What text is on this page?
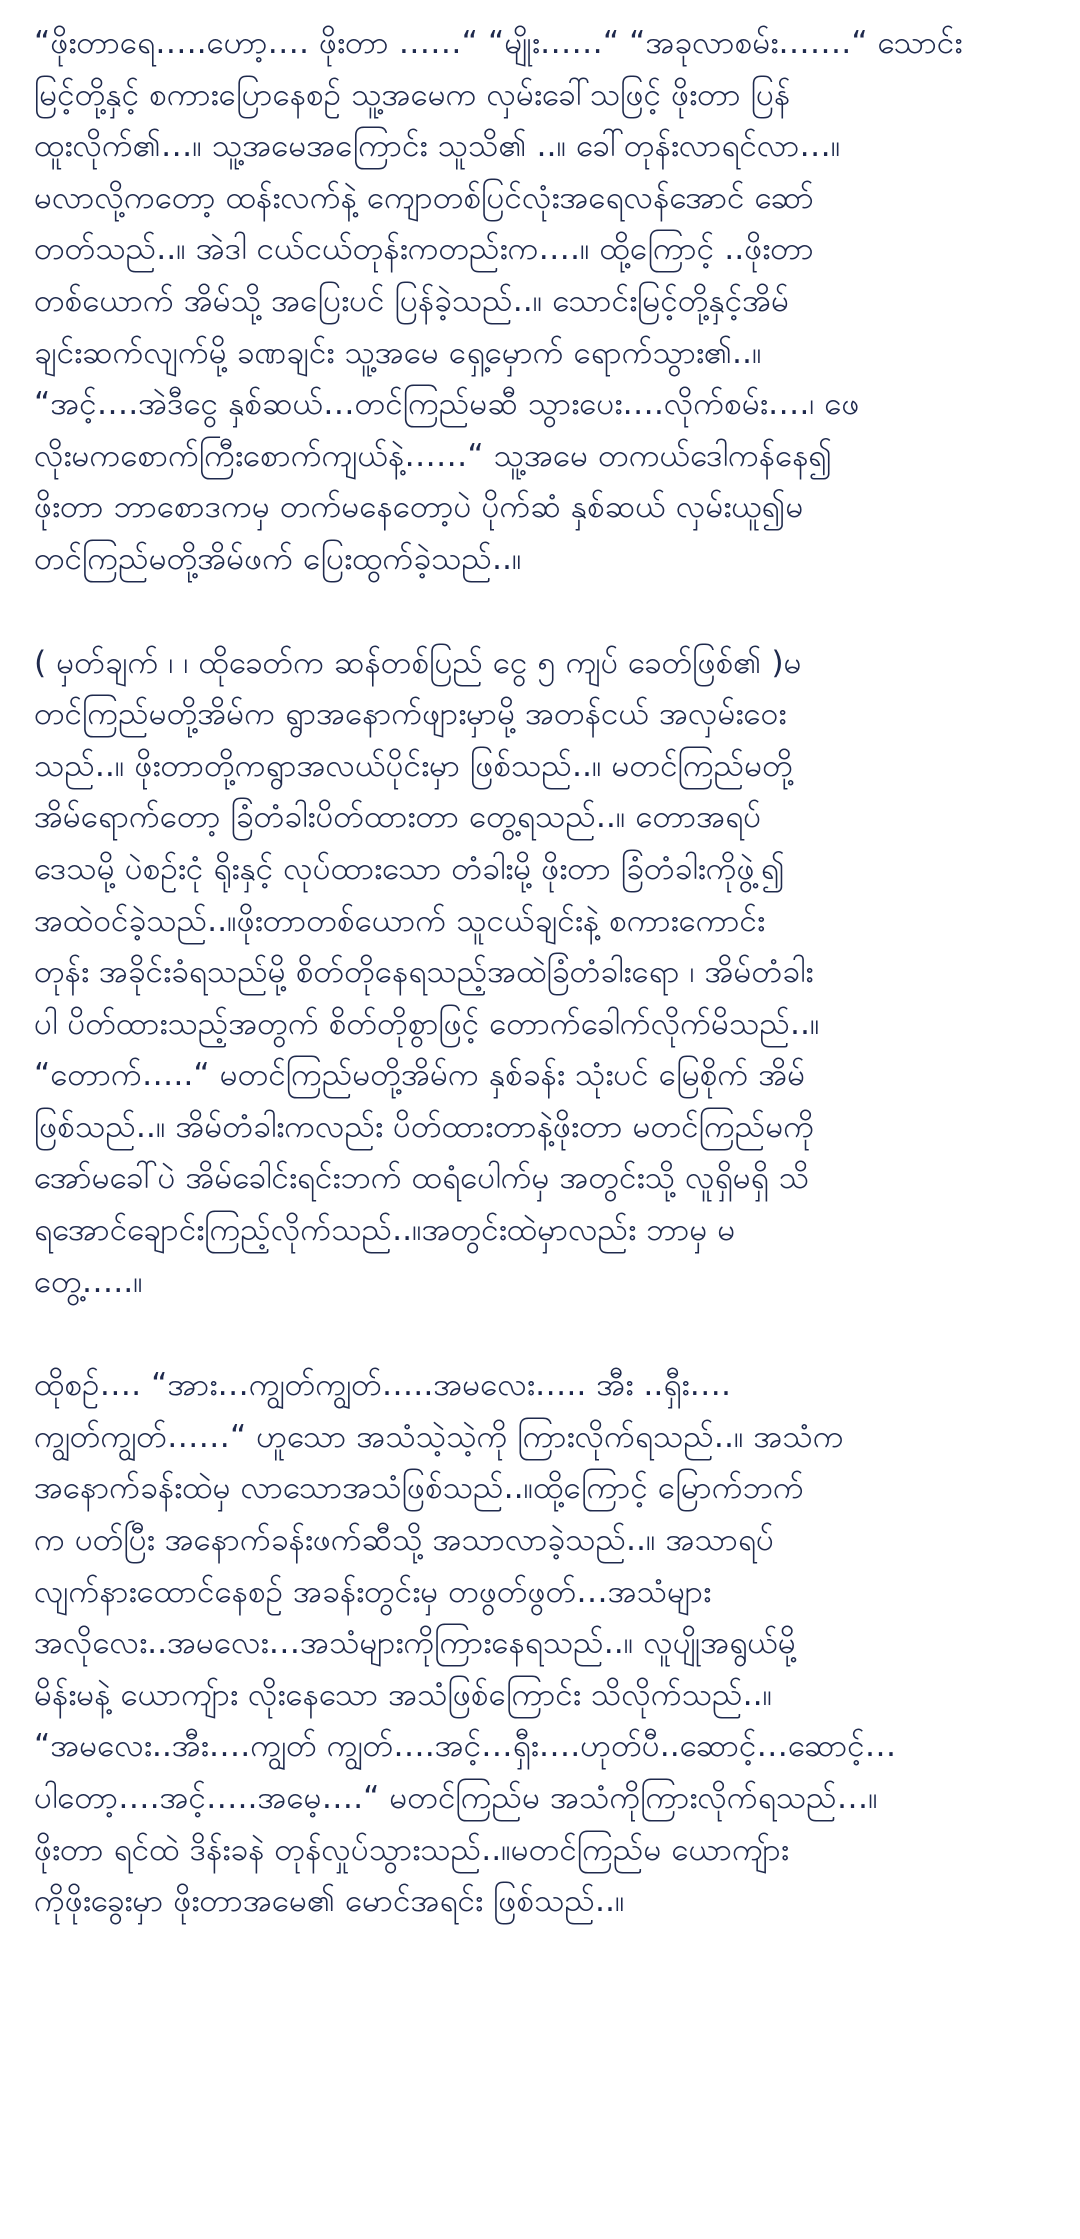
“ဖိုးတာရေ…..ဟော့…. ဖိုးတာ ……“ “မျိုး……“ “အခုလာစမ်း…….“ သောင်း
မြင့်တို့နှင့် စကားပြောနေစဉ် သူ့အမေက လှမ်းခေါ်သဖြင့် ဖိုးတာ ပြန်
ထူးလိုက်၏…။ သူ့အမေအကြောင်း သူသိ၏ ..။ ခေါ်တုန်းလာရင်လာ…။
မလာလို့ကတော့ ထန်းလက်နဲ့ ကျောတစ်ပြင်လုံးအရေလန်အောင် ဆော်
တတ်သည်..။ အဲဒါ ငယ်ငယ်တုန်းကတည်းက….။ ထို့ကြောင့် ..ဖိုးတာ
တစ်ယောက် အိမ်သို့ အပြေးပင် ပြန်ခဲ့သည်..။ သောင်းမြင့်တို့နှင့်အိမ်
ချင်းဆက်လျက်မို့ ခဏချင်း သူ့အမေ ရှေ့မှောက် ရောက်သွား၏..။
“အင့်….အဲဒီငွေ နှစ်ဆယ်…တင်ကြည်မဆီ သွားပေး….လိုက်စမ်း….၊ ဖေ
လိုးမကစောက်ကြီးစောက်ကျယ်နဲ့……“ သူ့အမေ တကယ်ဒေါကန်နေ၍
ဖိုးတာ ဘာစောဒကမှ တက်မနေတော့ပဲ ပိုက်ဆံ နှစ်ဆယ် လှမ်းယူ၍မ
တင်ကြည်မတို့အိမ်ဖက် ပြေးထွက်ခဲ့သည်..။
( မှတ်ချက် ၊ ၊ ထိုခေတ်က ဆန်တစ်ပြည် ငွေ ၅ ကျပ် ခေတ်ဖြစ်၏ )မ
တင်ကြည်မတို့အိမ်က ရွာအနောက်ဖျားမှာမို့ အတန်ငယ် အလှမ်းဝေး
သည်..။ ဖိုးတာတို့ကရွာအလယ်ပိုင်းမှာ ဖြစ်သည်..။ မတင်ကြည်မတို့
အိမ်ရောက်တော့ ခြံတံခါးပိတ်ထားတာ တွေ့ရသည်..။ တောအရပ်
ဒေသမို့ ပဲစဉ်းငုံ ရိုးနှင့် လုပ်ထားသော တံခါးမို့ ဖိုးတာ ခြံတံခါးကိုဖွဲ့၍
အထဲဝင်ခဲ့သည်..။ဖိုးတာတစ်ယောက် သူငယ်ချင်းနဲ့ စကားကောင်း
တုန်း အခိုင်းခံရသည်မို့ စိတ်တိုနေရသည့်အထဲခြံတံခါးရော ၊ အိမ်တံခါး
ပါ ပိတ်ထားသည့်အတွက် စိတ်တိုစွာဖြင့် တောက်ခေါက်လိုက်မိသည်..။
“တောက်…..“ မတင်ကြည်မတို့အိမ်က နှစ်ခန်း သုံးပင် မြေစိုက် အိမ်
ဖြစ်သည်..။ အိမ်တံခါးကလည်း ပိတ်ထားတာနဲ့ဖိုးတာ မတင်ကြည်မကို
အော်မခေါ်ပဲ အိမ်ခေါင်းရင်းဘက် ထရံပေါက်မှ အတွင်းသို့ လူရှိမရှိ သိ
ရအောင်ချောင်းကြည့်လိုက်သည်..။အတွင်းထဲမှာလည်း ဘာမှ မ
တွေ့…..။
ထိုစဉ်…. “အား…ကျွတ်ကျွတ်…..အမလေး….. အီး ..ရှီး….
ကျွတ်ကျွတ်……“ ဟူသော အသံသဲ့သဲ့ကို ကြားလိုက်ရသည်..။ အသံက
အနောက်ခန်းထဲမှ လာသောအသံဖြစ်သည်..။ထို့ကြောင့် မြောက်ဘက်
က ပတ်ပြီး အနောက်ခန်းဖက်ဆီသို့ အသာလာခဲ့သည်..။ အသာရပ်
လျက်နားထောင်နေစဉ် အခန်းတွင်းမှ တဖွတ်ဖွတ်…အသံများ
အလိုလေး..အမလေး…အသံများကိုကြားနေရသည်..။ လူပျိုအရွယ်မို့
မိန်းမနဲ့ ယောကျ်ား လိုးနေသော အသံဖြစ်ကြောင်း သိလိုက်သည်..။
“အမလေး..အီး….ကျွတ် ကျွတ်….အင့်…ရှီး….ဟုတ်ပီ..ဆောင့်…ဆောင့်…
ပါတော့….အင့်…..အမေ့….“ မတင်ကြည်မ အသံကိုကြားလိုက်ရသည်…။
ဖိုးတာ ရင်ထဲ ဒိန်းခနဲ တုန်လှုပ်သွားသည်..။မတင်ကြည်မ ယောကျ်ား
ကိုဖိုးခွေးမှာ ဖိုးတာအမေ၏ မောင်အရင်း ဖြစ်သည်..။
